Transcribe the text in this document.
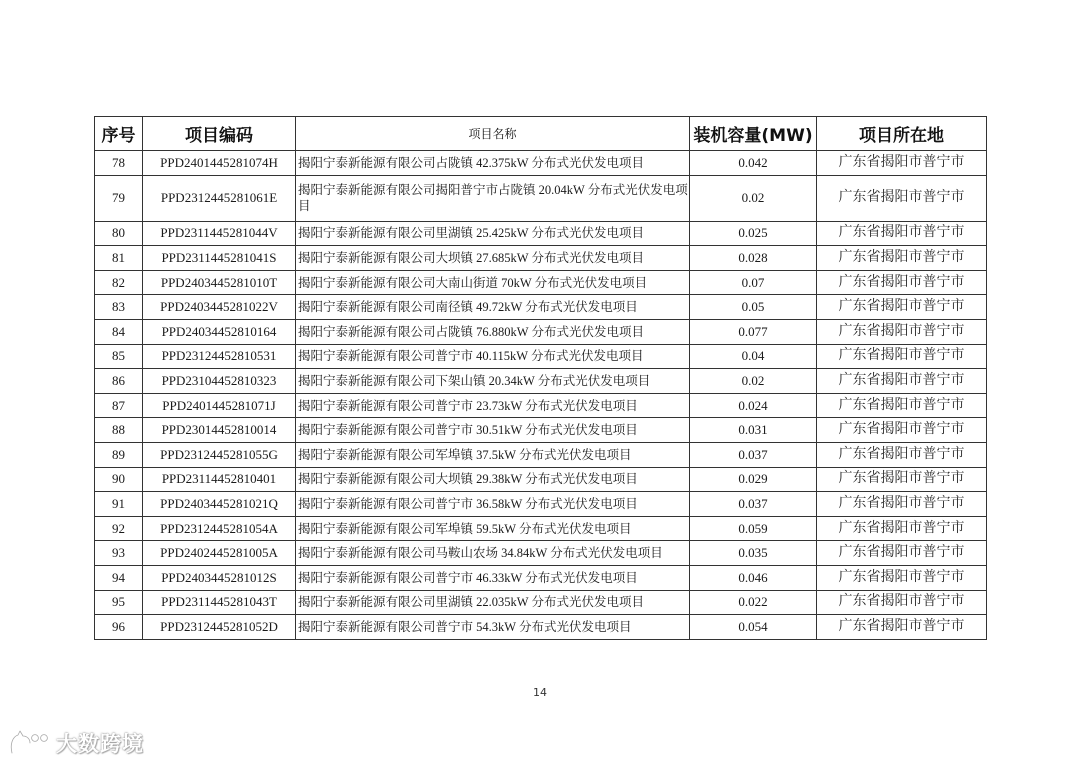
序号	项目编码	项目名称	装机容量(MW)	项目所在地
78	PPD2401445281074H	揭阳宁泰新能源有限公司占陇镇 42.375kW 分布式光伏发电项目	0.042	广东省揭阳市普宁市
79	PPD2312445281061E	揭阳宁泰新能源有限公司揭阳普宁市占陇镇 20.04kW 分布式光伏发电项目	0.02	广东省揭阳市普宁市
80	PPD2311445281044V	揭阳宁泰新能源有限公司里湖镇 25.425kW 分布式光伏发电项目	0.025	广东省揭阳市普宁市
81	PPD2311445281041S	揭阳宁泰新能源有限公司大坝镇 27.685kW 分布式光伏发电项目	0.028	广东省揭阳市普宁市
82	PPD2403445281010T	揭阳宁泰新能源有限公司大南山街道 70kW 分布式光伏发电项目	0.07	广东省揭阳市普宁市
83	PPD2403445281022V	揭阳宁泰新能源有限公司南径镇 49.72kW 分布式光伏发电项目	0.05	广东省揭阳市普宁市
84	PPD24034452810164	揭阳宁泰新能源有限公司占陇镇 76.880kW 分布式光伏发电项目	0.077	广东省揭阳市普宁市
85	PPD23124452810531	揭阳宁泰新能源有限公司普宁市 40.115kW 分布式光伏发电项目	0.04	广东省揭阳市普宁市
86	PPD23104452810323	揭阳宁泰新能源有限公司下架山镇 20.34kW 分布式光伏发电项目	0.02	广东省揭阳市普宁市
87	PPD2401445281071J	揭阳宁泰新能源有限公司普宁市 23.73kW 分布式光伏发电项目	0.024	广东省揭阳市普宁市
88	PPD23014452810014	揭阳宁泰新能源有限公司普宁市 30.51kW 分布式光伏发电项目	0.031	广东省揭阳市普宁市
89	PPD2312445281055G	揭阳宁泰新能源有限公司军埠镇 37.5kW 分布式光伏发电项目	0.037	广东省揭阳市普宁市
90	PPD23114452810401	揭阳宁泰新能源有限公司大坝镇 29.38kW 分布式光伏发电项目	0.029	广东省揭阳市普宁市
91	PPD2403445281021Q	揭阳宁泰新能源有限公司普宁市 36.58kW 分布式光伏发电项目	0.037	广东省揭阳市普宁市
92	PPD2312445281054A	揭阳宁泰新能源有限公司军埠镇 59.5kW 分布式光伏发电项目	0.059	广东省揭阳市普宁市
93	PPD2402445281005A	揭阳宁泰新能源有限公司马鞍山农场 34.84kW 分布式光伏发电项目	0.035	广东省揭阳市普宁市
94	PPD2403445281012S	揭阳宁泰新能源有限公司普宁市 46.33kW 分布式光伏发电项目	0.046	广东省揭阳市普宁市
95	PPD2311445281043T	揭阳宁泰新能源有限公司里湖镇 22.035kW 分布式光伏发电项目	0.022	广东省揭阳市普宁市
96	PPD2312445281052D	揭阳宁泰新能源有限公司普宁市 54.3kW 分布式光伏发电项目	0.054	广东省揭阳市普宁市
14
大数跨境
